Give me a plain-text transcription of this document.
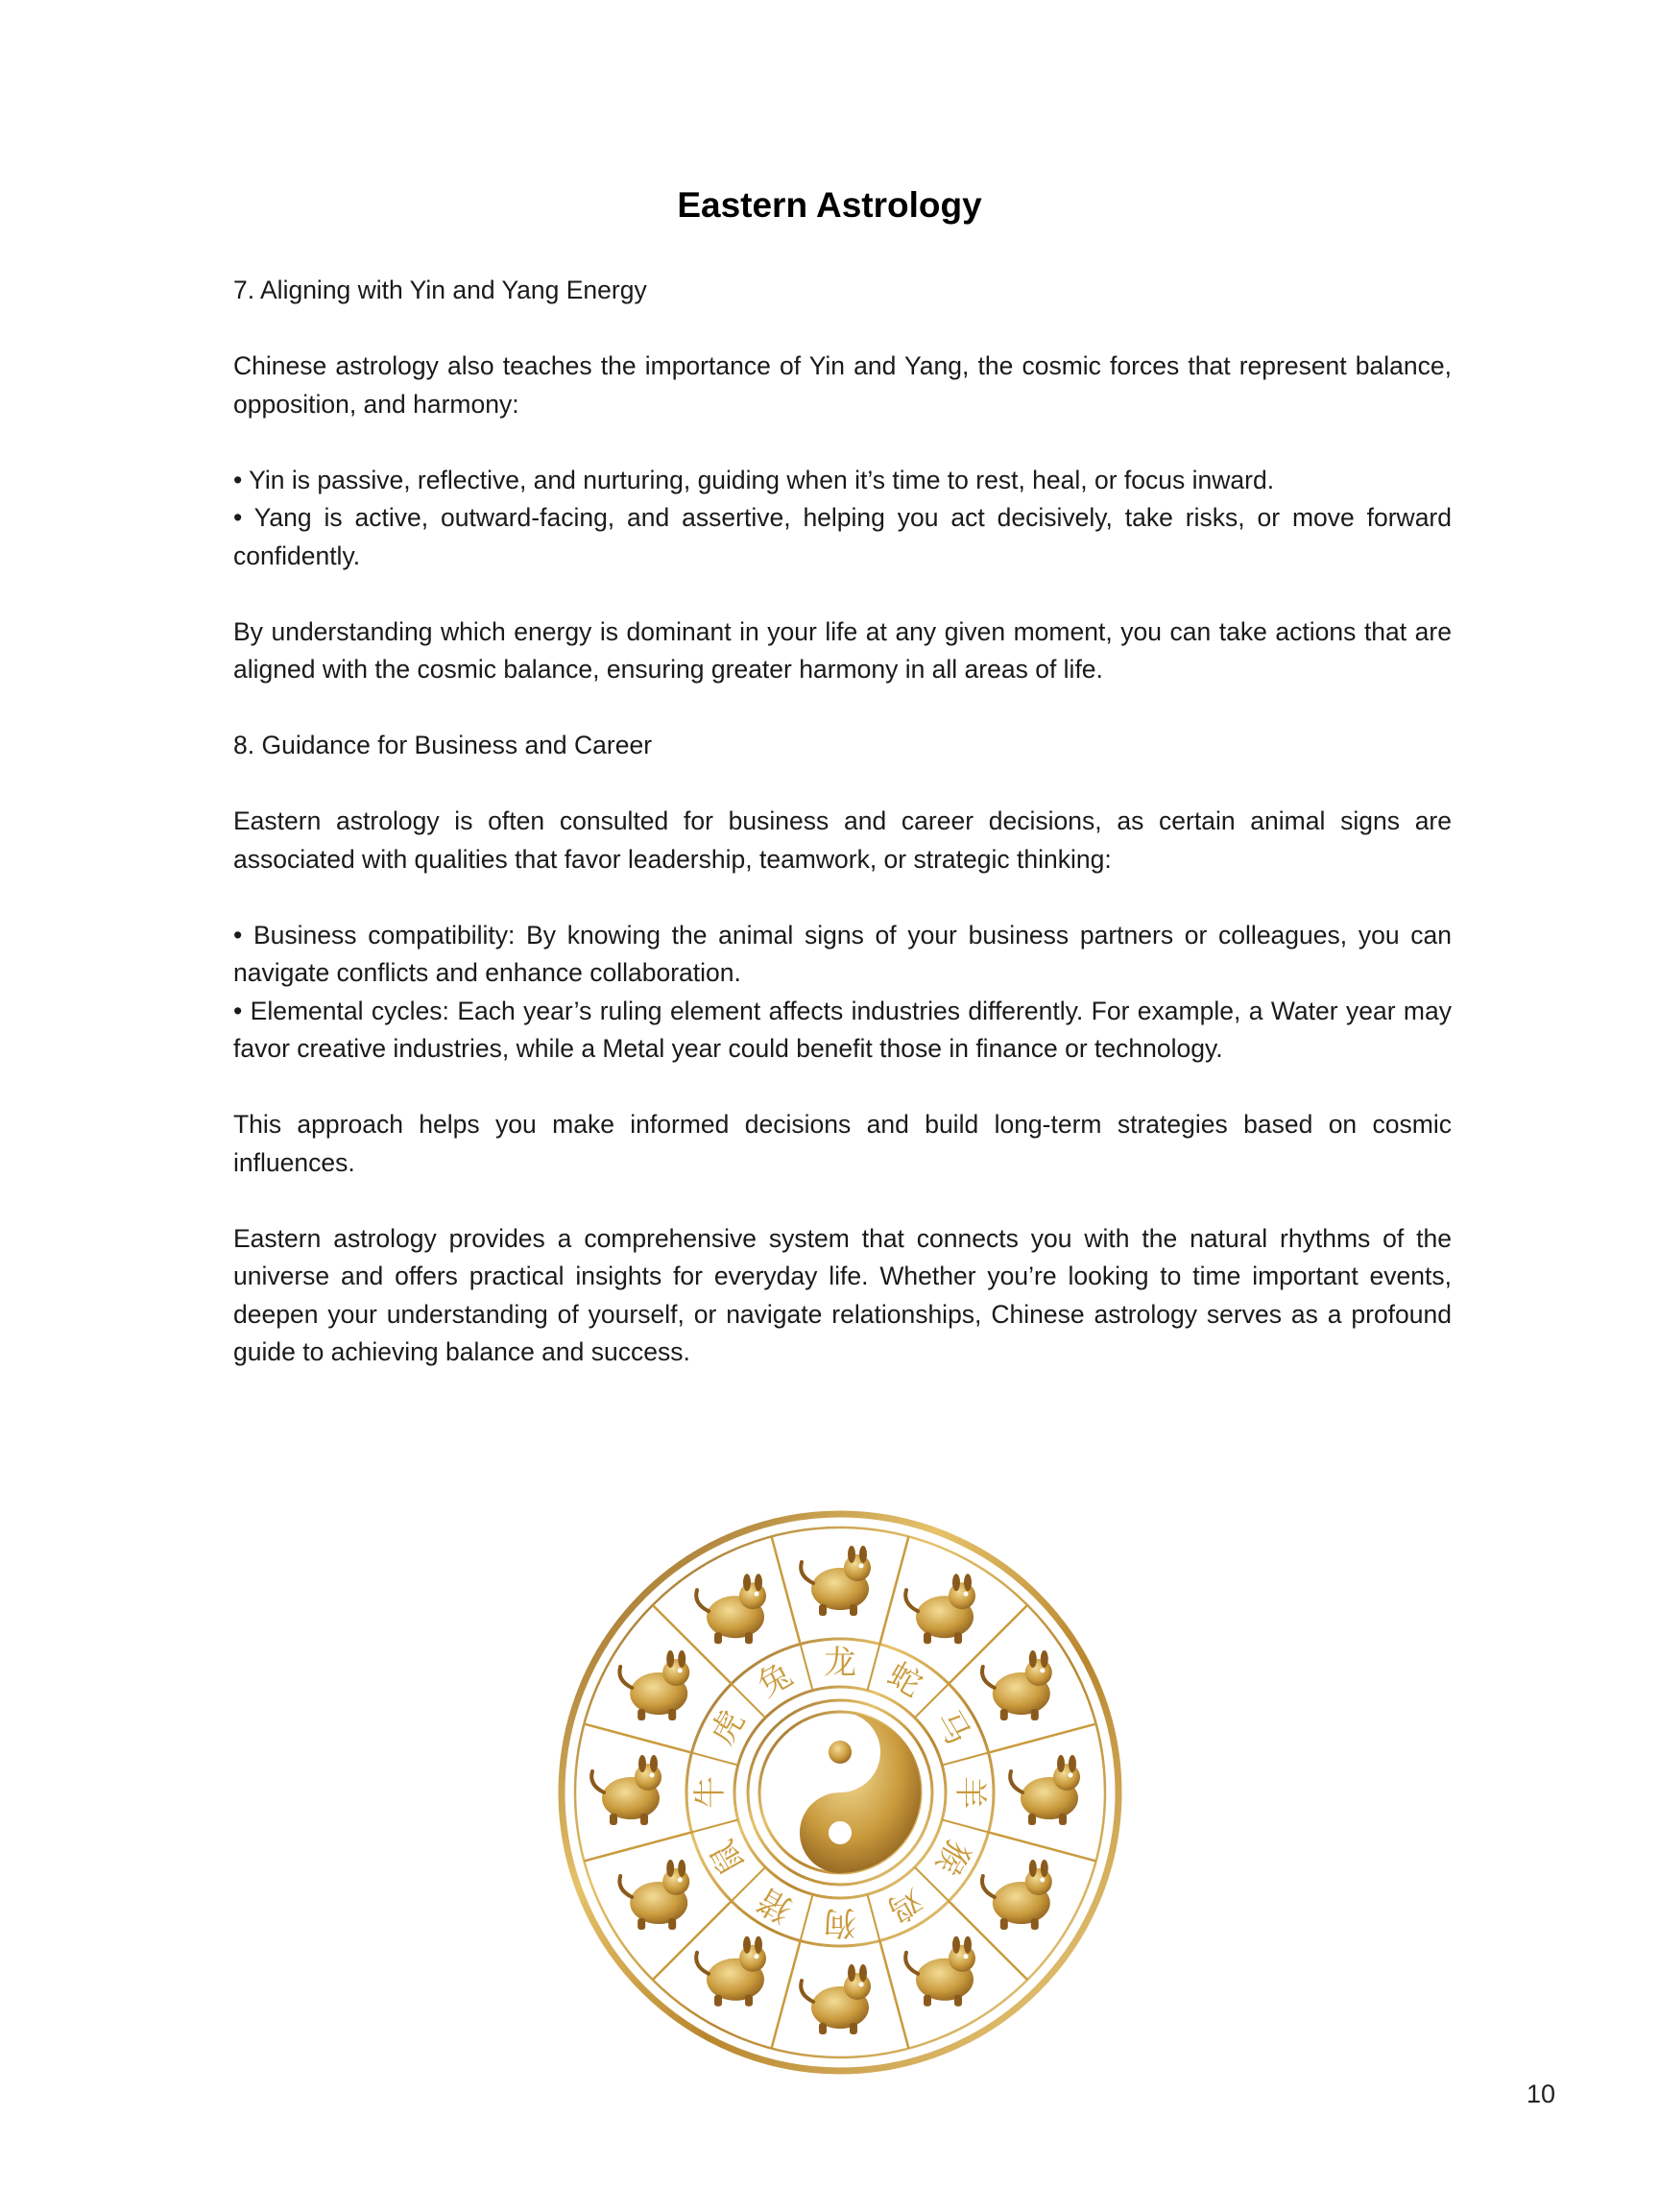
Eastern Astrology

7. Aligning with Yin and Yang Energy

Chinese astrology also teaches the importance of Yin and Yang, the cosmic forces that represent balance, opposition, and harmony:

• Yin is passive, reflective, and nurturing, guiding when it’s time to rest, heal, or focus inward.

• Yang is active, outward-facing, and assertive, helping you act decisively, take risks, or move forward confidently.

By understanding which energy is dominant in your life at any given moment, you can take actions that are aligned with the cosmic balance, ensuring greater harmony in all areas of life.

8. Guidance for Business and Career

Eastern astrology is often consulted for business and career decisions, as certain animal signs are associated with qualities that favor leadership, teamwork, or strategic thinking:

• Business compatibility: By knowing the animal signs of your business partners or colleagues, you can navigate conflicts and enhance collaboration.

• Elemental cycles: Each year’s ruling element affects industries differently. For example, a Water year may favor creative industries, while a Metal year could benefit those in finance or technology.

This approach helps you make informed decisions and build long-term strategies based on cosmic influences.

Eastern astrology provides a comprehensive system that connects you with the natural rhythms of the universe and offers practical insights for everyday life. Whether you’re looking to time important events, deepen your understanding of yourself, or navigate relationships, Chinese astrology serves as a profound guide to achieving balance and success.

龙 蛇
马
羊
猴
鸡
狗
猪
鼠
牛
虎
兔
10
